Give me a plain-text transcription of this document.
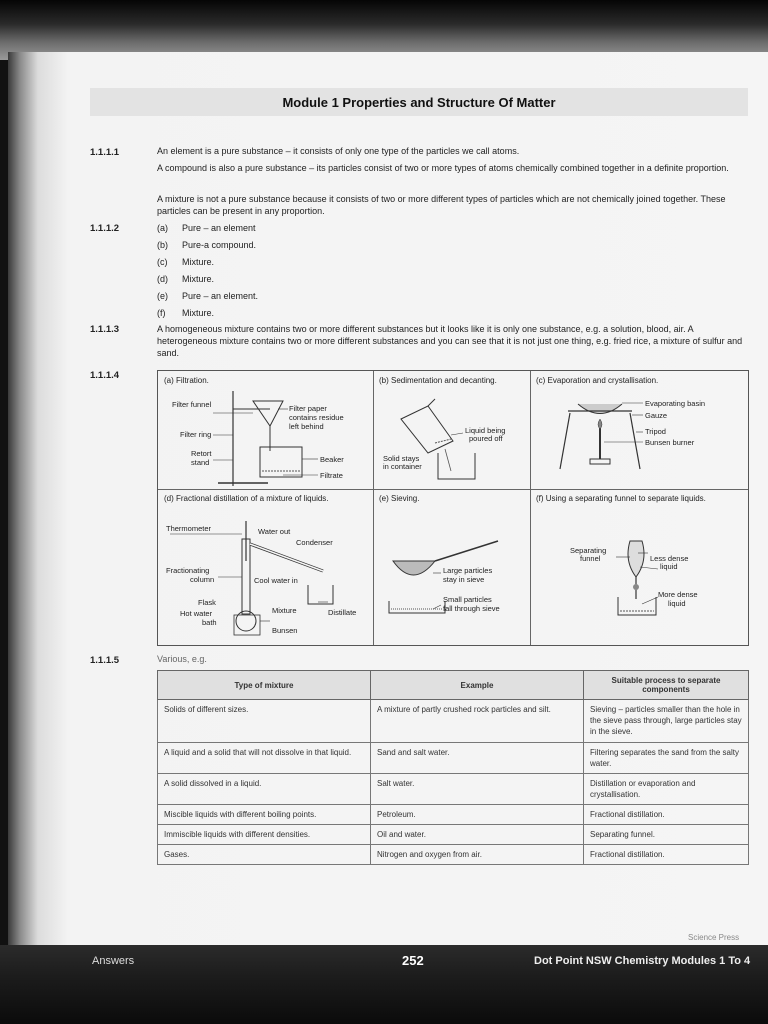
Module 1 Properties and Structure Of Matter
1.1.1.1	An element is a pure substance – it consists of only one type of the particles we call atoms.
A compound is also a pure substance – its particles consist of two or more types of atoms chemically combined together in a definite proportion.
A mixture is not a pure substance because it consists of two or more different types of particles which are not chemically joined together. These particles can be present in any proportion.
1.1.1.2	(a) Pure – an element
(b) Pure-a compound.
(c) Mixture.
(d) Mixture.
(e) Pure – an element.
(f) Mixture.
1.1.1.3	A homogeneous mixture contains two or more different substances but it looks like it is only one substance, e.g. a solution, blood, air. A heterogeneous mixture contains two or more different substances and you can see that it is not just one thing, e.g. fried rice, a mixture of sulfur and sand.
1.1.1.4	(a) Filtration.
Filter funnel	Filter paper
contains residue
left behind
Filter ring
Retort
stand	Beaker
Filtrate
(b) Sedimentation and decanting.
Liquid being
poured off
Solid stays
in container
(c) Evaporation and crystallisation.
Evaporating basin
Gauze
Tripod
Bunsen burner
(d) Fractional distillation of a mixture of liquids.
Thermometer	Water out
Condenser
Fractionating
column	Cool water in
Flask
Hot water
bath
Mixture	Distillate
Bunsen
(e) Sieving.
Large particles
stay in sieve
Small particles
fall through sieve
(f) Using a separating funnel to separate liquids.
Separating
funnel	Less dense
liquid
More dense
liquid
1.1.1.5	Various, e.g.
Type of mixture	Example	Suitable process to separate components
Solids of different sizes.	A mixture of partly crushed rock particles and silt.	Sieving – particles smaller than the hole in the sieve pass through, large particles stay in the sieve.
A liquid and a solid that will not dissolve in that liquid.	Sand and salt water.	Filtering separates the sand from the salty water.
A solid dissolved in a liquid.	Salt water.	Distillation or evaporation and crystallisation.
Miscible liquids with different boiling points.	Petroleum.	Fractional distillation.
Immiscible liquids with different densities.	Oil and water.	Separating funnel.
Gases.	Nitrogen and oxygen from air.	Fractional distillation.
Science Press
Answers	252	Dot Point NSW Chemistry Modules 1 To 4
